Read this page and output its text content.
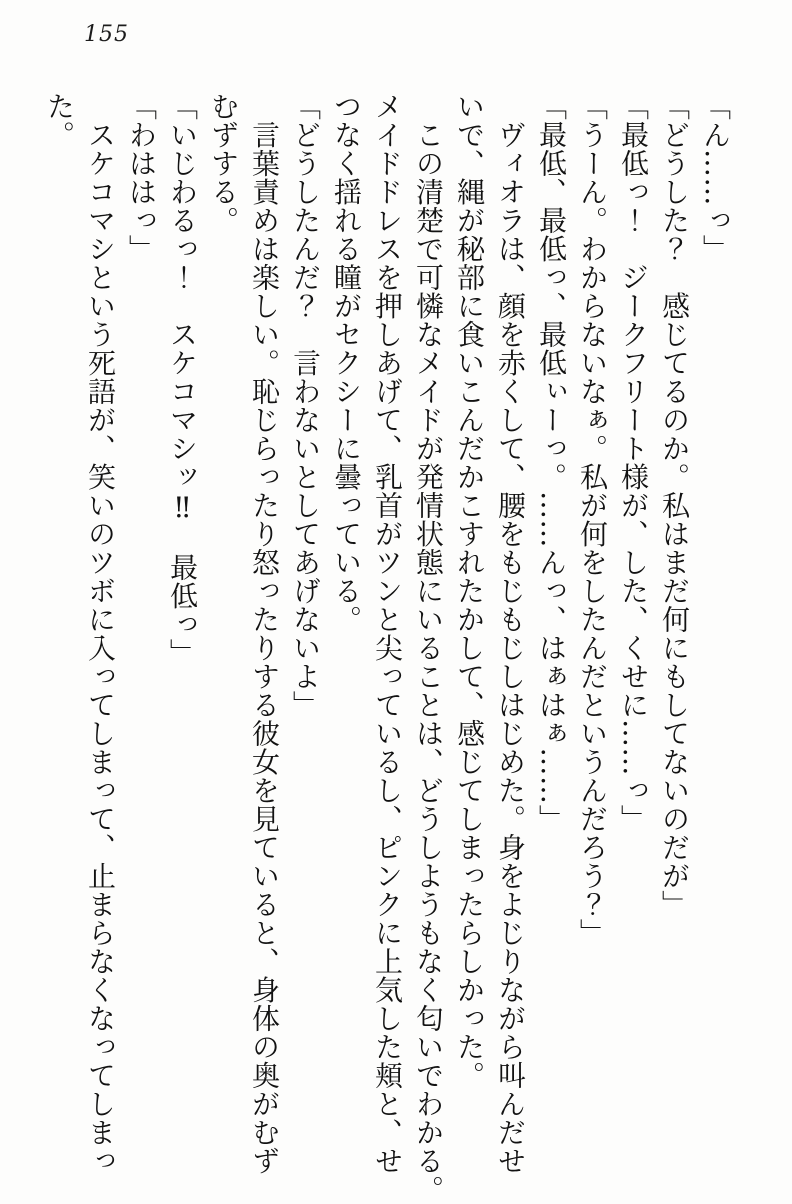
155

「ん……っ」

「どうした？　感じてるのか。私はまだ何にもしてないのだが」

「最低っ！　ジークフリート様が、した、くせに……っ」

「うーん。わからないなぁ。私が何をしたんだというんだろう？」

「最低、最低っ、最低ぃーっ。……んっ、はぁはぁ……」

　ヴィオラは、顔を赤くして、腰をもじもじしはじめた。身をよじりながら叫んだせ

いで、縄が秘部に食いこんだかこすれたかして、感じてしまったらしかった。

　この清楚で可憐なメイドが発情状態にいることは、どうしようもなく匂いでわかる。

メイドドレスを押しあげて、乳首がツンと尖っているし、ピンクに上気した頬と、せ

つなく揺れる瞳がセクシーに曇っている。

「どうしたんだ？　言わないとしてあげないよ」

　言葉責めは楽しい。恥じらったり怒ったりする彼女を見ていると、身体の奥がむず

むずする。

「いじわるっ！　スケコマシッ‼　最低っ」

「わははっ」

　スケコマシという死語が、笑いのツボに入ってしまって、止まらなくなってしまっ

た。
